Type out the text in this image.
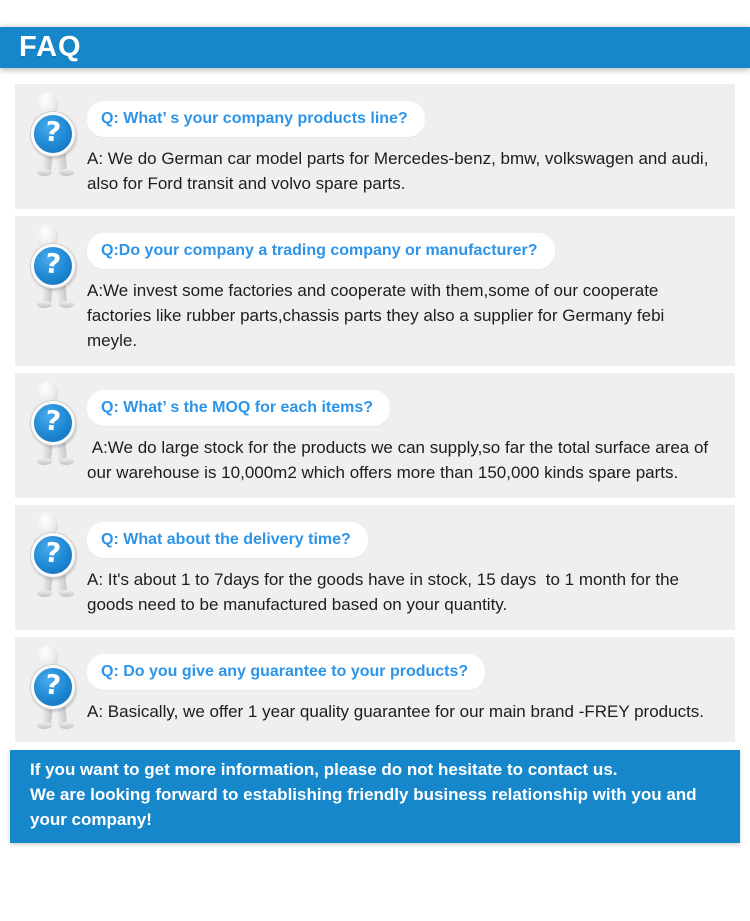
FAQ
?	Q: What’ s your company products line?

A: We do German car model parts for Mercedes-benz, bmw, volkswagen and audi, also for Ford transit and volvo spare parts.

?	Q:Do your company a trading company or manufacturer?

A:We invest some factories and cooperate with them,some of our cooperate factories like rubber parts,chassis parts they also a supplier for Germany febi meyle.

?	Q: What’ s the MOQ for each items?

A:We do large stock for the products we can supply,so far the total surface area of our warehouse is 10,000m2 which offers more than 150,000 kinds spare parts.

?	Q: What about the delivery time?

A: It's about 1 to 7days for the goods have in stock, 15 days  to 1 month for the goods need to be manufactured based on your quantity.

?	Q: Do you give any guarantee to your products?

A: Basically, we offer 1 year quality guarantee for our main brand -FREY products.

If you want to get more information, please do not hesitate to contact us.

We are looking forward to establishing friendly business relationship with you and your company!
